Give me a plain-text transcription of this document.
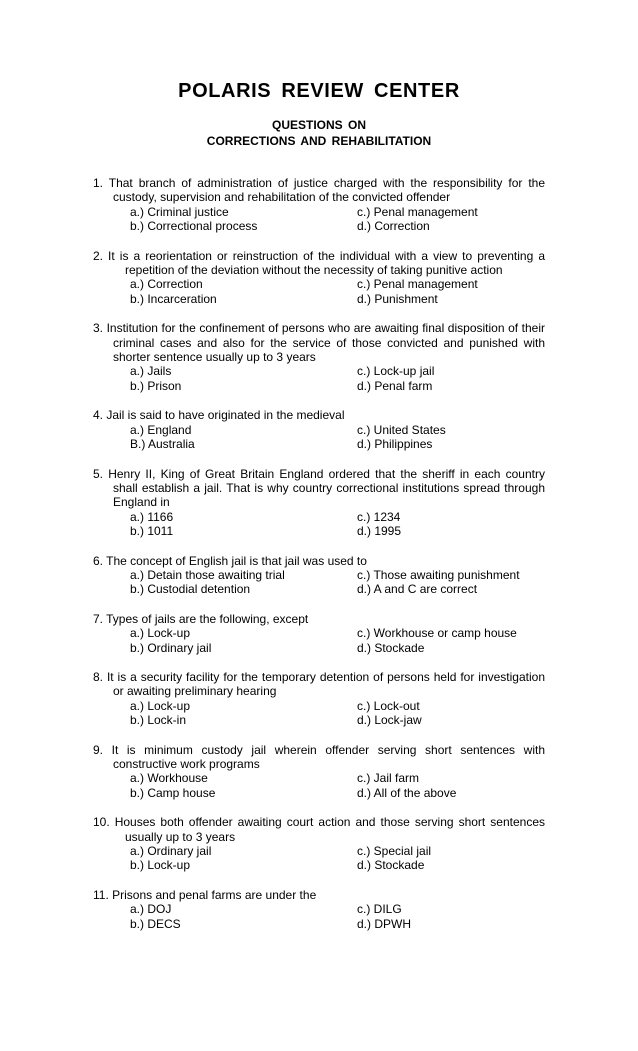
POLARIS REVIEW CENTER
QUESTIONS ON
CORRECTIONS AND REHABILITATION
1. That branch of administration of justice charged with the responsibility for the custody, supervision and rehabilitation of the convicted offender
a.) Criminal justice	c.) Penal management
b.) Correctional process	d.) Correction
2. It is a reorientation or reinstruction of the individual with a view to preventing a repetition of the deviation without the necessity of taking punitive action
a.) Correction	c.) Penal management
b.) Incarceration	d.) Punishment
3. Institution for the confinement of persons who are awaiting final disposition of their criminal cases and also for the service of those convicted and punished with shorter sentence usually up to 3 years
a.) Jails	c.) Lock-up jail
b.) Prison	d.) Penal farm
4. Jail is said to have originated in the medieval
a.) England	c.) United States
B.) Australia	d.) Philippines
5. Henry II, King of Great Britain England ordered that the sheriff in each country shall establish a jail. That is why country correctional institutions spread through England in
a.) 1166	c.) 1234
b.) 1011	d.) 1995
6. The concept of English jail is that jail was used to
a.) Detain those awaiting trial	c.) Those awaiting punishment
b.) Custodial detention	d.) A and C are correct
7. Types of jails are the following, except
a.) Lock-up	c.) Workhouse or camp house
b.) Ordinary jail	d.) Stockade
8. It is a security facility for the temporary detention of persons held for investigation or awaiting preliminary hearing
a.) Lock-up	c.) Lock-out
b.) Lock-in	d.) Lock-jaw
9. It is minimum custody jail wherein offender serving short sentences with constructive work programs
a.) Workhouse	c.) Jail farm
b.) Camp house	d.) All of the above
10. Houses both offender awaiting court action and those serving short sentences usually up to 3 years
a.) Ordinary jail	c.) Special jail
b.) Lock-up	d.) Stockade
11. Prisons and penal farms are under the
a.) DOJ	c.) DILG
b.) DECS	d.) DPWH
